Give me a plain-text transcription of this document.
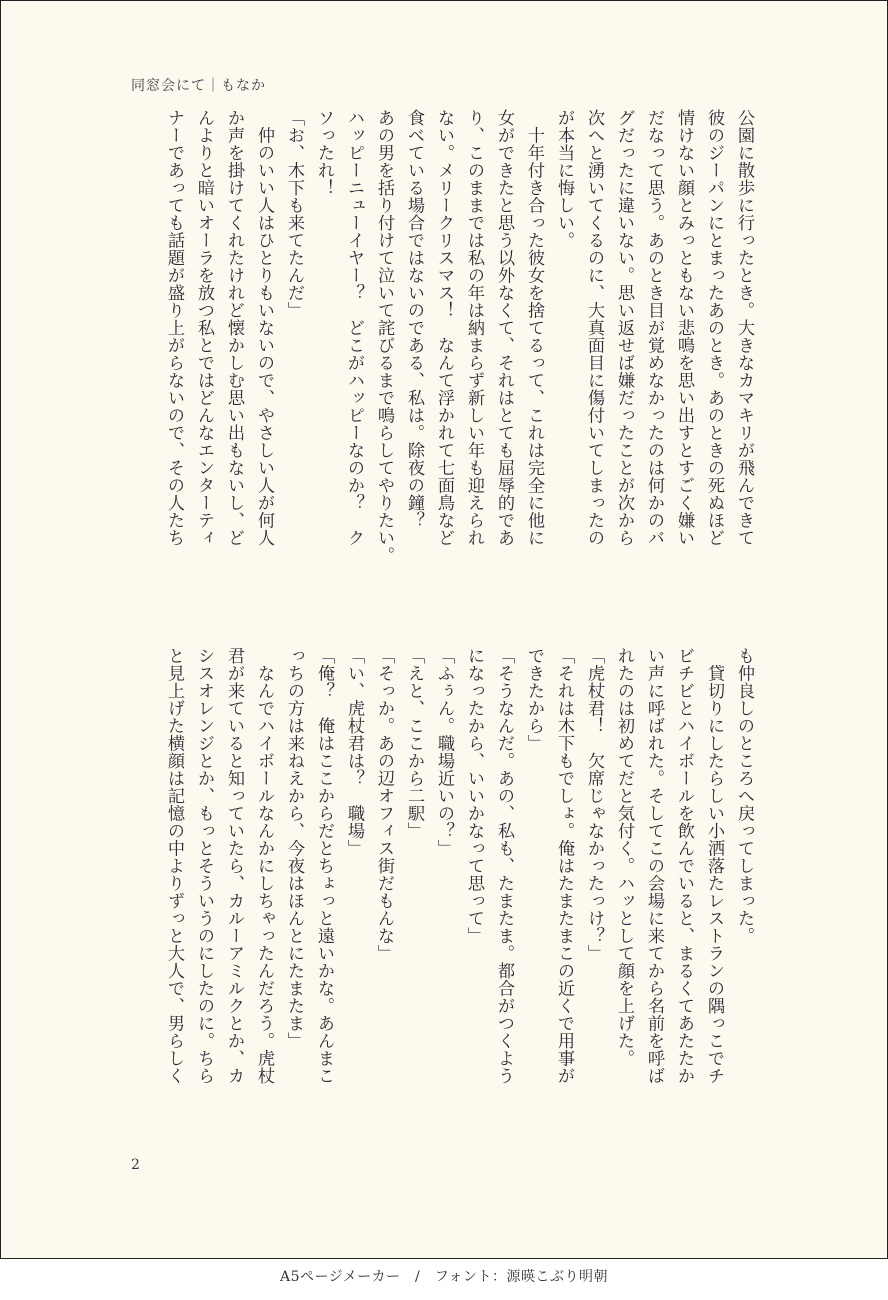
同窓会にて｜もなか
公園に散歩に行ったとき。大きなカマキリが飛んできて
彼のジーパンにとまったあのとき。あのときの死ぬほど
情けない顔とみっともない悲鳴を思い出すとすごく嫌い
だなって思う。あのとき目が覚めなかったのは何かのバ
グだったに違いない。思い返せば嫌だったことが次から
次へと湧いてくるのに、大真面目に傷付いてしまったの
が本当に悔しい。
　十年付き合った彼女を捨てるって、これは完全に他に
女ができたと思う以外なくて、それはとても屈辱的であ
り、このままでは私の年は納まらず新しい年も迎えられ
ない。メリークリスマス！　なんて浮かれて七面鳥など
食べている場合ではないのである、私は。除夜の鐘？
あの男を括り付けて泣いて詫びるまで鳴らしてやりたい。
ハッピーニューイヤー？　どこがハッピーなのか？　ク
ソったれ！
「お、木下も来てたんだ」
　仲のいい人はひとりもいないので、やさしい人が何人
か声を掛けてくれたけれど懐かしむ思い出もないし、ど
んよりと暗いオーラを放つ私とではどんなエンターティ
ナーであっても話題が盛り上がらないので、その人たち
も仲良しのところへ戻ってしまった。
　貸切りにしたらしい小洒落たレストランの隅っこでチ
ビチビとハイボールを飲んでいると、まるくてあたたか
い声に呼ばれた。そしてこの会場に来てから名前を呼ば
れたのは初めてだと気付く。ハッとして顔を上げた。
「虎杖君！　欠席じゃなかったっけ？」
「それは木下もでしょ。俺はたまたまこの近くで用事が
できたから」
「そうなんだ。あの、私も、たまたま。都合がつくよう
になったから、いいかなって思って」
「ふぅん。職場近いの？」
「えと、ここから二駅」
「そっか。あの辺オフィス街だもんな」
「い、虎杖君は？　職場」
「俺？　俺はここからだとちょっと遠いかな。あんまこ
っちの方は来ねえから、今夜はほんとにたまたま」
　なんでハイボールなんかにしちゃったんだろう。虎杖
君が来ていると知っていたら、カルーアミルクとか、カ
シスオレンジとか、もっとそういうのにしたのに。ちら
と見上げた横顔は記憶の中よりずっと大人で、男らしく
2
A5ページメーカー　/　フォント：源暎こぶり明朝
